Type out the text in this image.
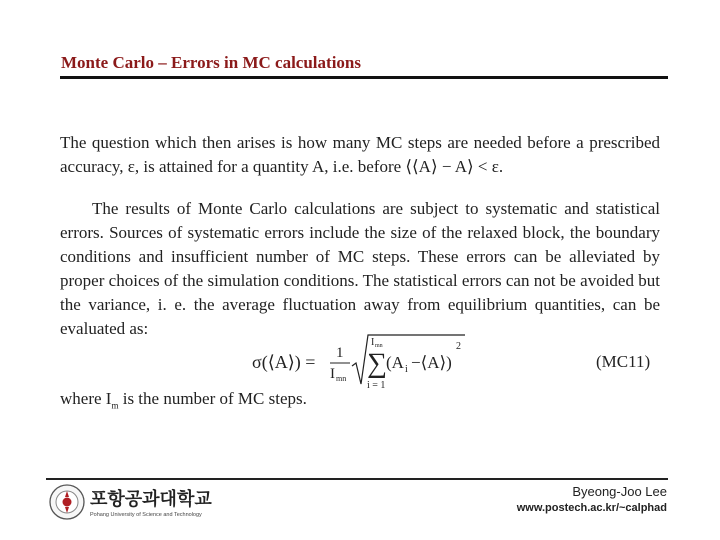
Monte Carlo – Errors in MC calculations
The question which then arises is how many MC steps are needed before a prescribed accuracy, ε, is attained for a quantity A, i.e. before ⟨⟨A⟩ − A⟩ < ε.
The results of Monte Carlo calculations are subject to systematic and statistical errors. Sources of systematic errors include the size of the relaxed block, the boundary conditions and insufficient number of MC steps. These errors can be alleviated by proper choices of the simulation conditions. The statistical errors can not be avoided but the variance, i. e. the average fluctuation away from equilibrium quantities, can be evaluated as:
σ(⟨A⟩) = 1
I mn
I mn
∑
i = 1
(A i −⟨A⟩)
2
(MC11)
where $I_m$ is the number of MC steps.
포항공과대학교
Pohang University of Science and Technology
Byeong-Joo Lee
www.postech.ac.kr/~calphad
